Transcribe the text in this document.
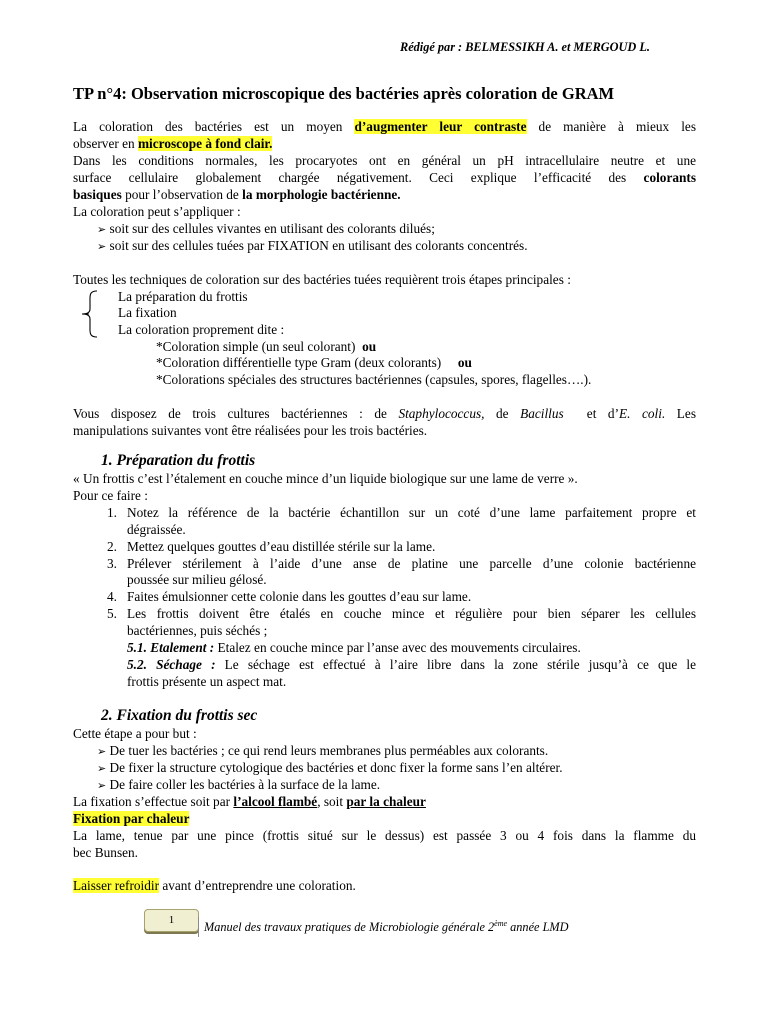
Rédigé par : BELMESSIKH A. et MERGOUD L.
TP n°4: Observation microscopique des bactéries après coloration de GRAM
La coloration des bactéries est un moyen d’augmenter leur contraste de manière à mieux les
observer en microscope à fond clair.
Dans les conditions normales, les procaryotes ont en général un pH intracellulaire neutre et une
surface cellulaire globalement chargée négativement. Ceci explique l’efficacité des colorants
basiques pour l’observation de la morphologie bactérienne.
La coloration peut s’appliquer :
➢ soit sur des cellules vivantes en utilisant des colorants dilués;
➢ soit sur des cellules tuées par FIXATION en utilisant des colorants concentrés.
Toutes les techniques de coloration sur des bactéries tuées requièrent trois étapes principales :
-
La préparation du frottis
La fixation
La coloration proprement dite :
*Coloration simple (un seul colorant) ou
*Coloration différentielle type Gram (deux colorants) ou
*Colorations spéciales des structures bactériennes (capsules, spores, flagelles….).
Vous disposez de trois cultures bactériennes : de Staphylococcus, de Bacillus  et d’E. coli. Les
manipulations suivantes vont être réalisées pour les trois bactéries.
1. Préparation du frottis
« Un frottis c’est l’étalement en couche mince d’un liquide biologique sur une lame de verre ».
Pour ce faire :
1. Notez la référence de la bactérie échantillon sur un coté d’une lame parfaitement propre et
dégraissée.
2. Mettez quelques gouttes d’eau distillée stérile sur la lame.
3. Prélever stérilement à l’aide d’une anse de platine une parcelle d’une colonie bactérienne
poussée sur milieu gélosé.
4. Faites émulsionner cette colonie dans les gouttes d’eau sur lame.
5. Les frottis doivent être étalés en couche mince et régulière pour bien séparer les cellules
bactériennes, puis séchés ;
5.1. Etalement : Etalez en couche mince par l’anse avec des mouvements circulaires.
5.2. Séchage : Le séchage est effectué à l’aire libre dans la zone stérile jusqu’à ce que le
frottis présente un aspect mat.
2. Fixation du frottis sec
Cette étape a pour but :
➢ De tuer les bactéries ; ce qui rend leurs membranes plus perméables aux colorants.
➢ De fixer la structure cytologique des bactéries et donc fixer la forme sans l’en altérer.
➢ De faire coller les bactéries à la surface de la lame.
La fixation s’effectue soit par l’alcool flambé, soit par la chaleur
Fixation par chaleur
La lame, tenue par une pince (frottis situé sur le dessus) est passée 3 ou 4 fois dans la flamme du
bec Bunsen.
Laisser refroidir avant d’entreprendre une coloration.
1	Manuel des travaux pratiques de Microbiologie générale 2ème année LMD
